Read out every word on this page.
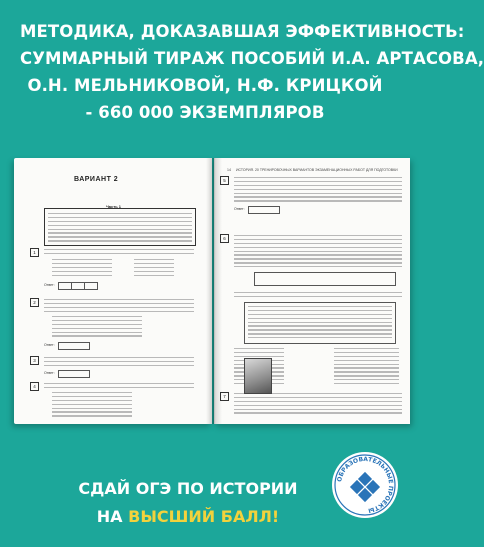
МЕТОДИКА, ДОКАЗАВШАЯ ЭФФЕКТИВНОСТЬ:
СУММАРНЫЙ ТИРАЖ ПОСОБИЙ И.А. АРТАСОВА,
О.Н. МЕЛЬНИКОВОЙ, Н.Ф. КРИЦКОЙ
- 660 000 ЭКЗЕМПЛЯРОВ
ВАРИАНТ 2
Часть 1
1
Ответ:
2
Ответ:
3
Ответ:
4
14 ИСТОРИЯ. 20 ТРЕНИРОВОЧНЫХ ВАРИАНТОВ ЭКЗАМЕНАЦИОННЫХ РАБОТ ДЛЯ ПОДГОТОВКИ
5
Ответ:
6
7
СДАЙ ОГЭ ПО ИСТОРИИ
НА ВЫСШИЙ БАЛЛ!
ОБРАЗОВАТЕЛЬНЫЕ ПРОЕКТЫ
